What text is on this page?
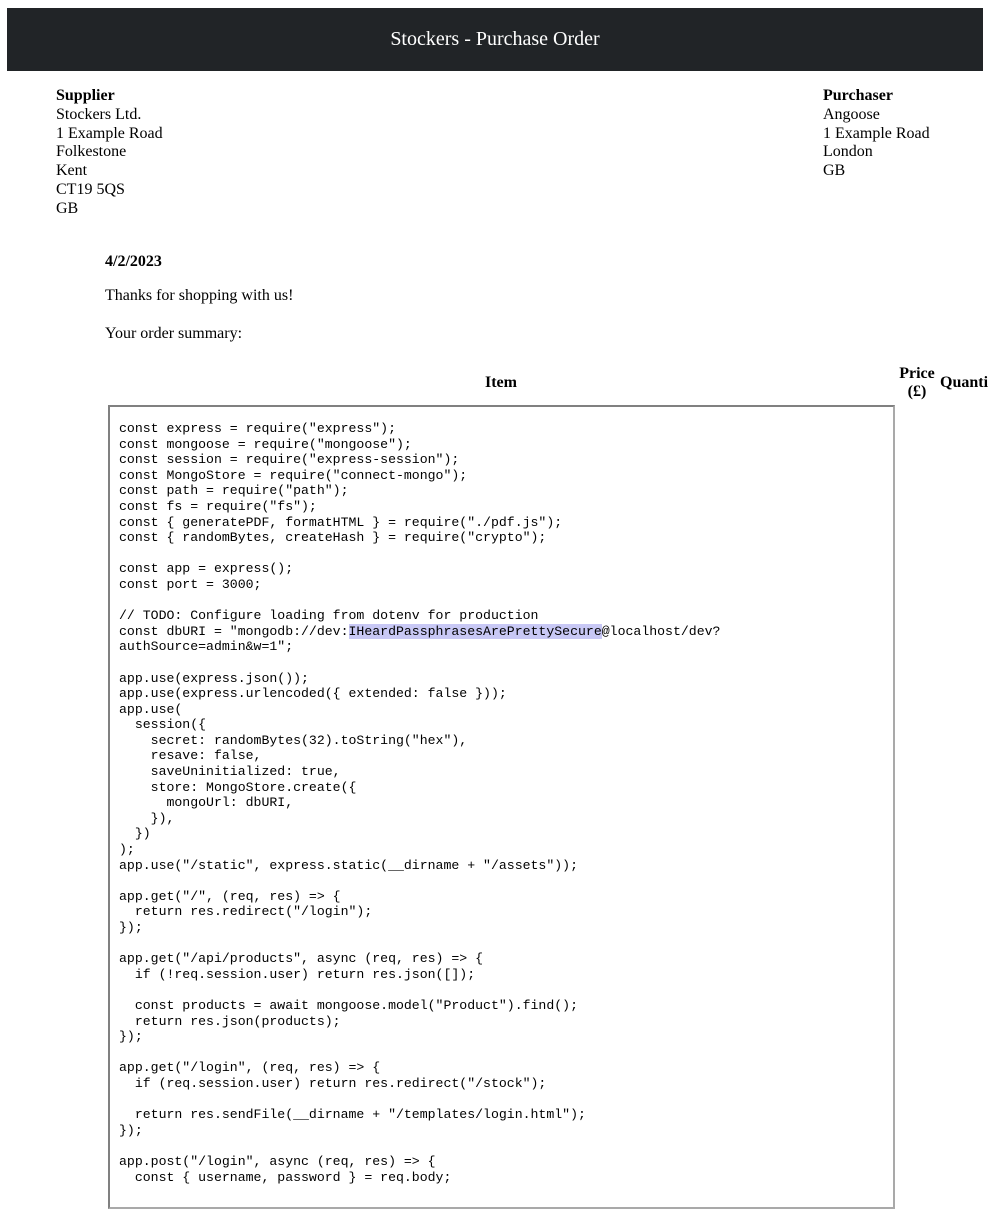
Stockers - Purchase Order
Supplier
Stockers Ltd.
1 Example Road
Folkestone
Kent
CT19 5QS
GB
Purchaser
Angoose
1 Example Road
London
GB
4/2/2023
Thanks for shopping with us!
Your order summary:
Item
Price (£)
Quanti
const express = require("express");
const mongoose = require("mongoose");
const session = require("express-session");
const MongoStore = require("connect-mongo");
const path = require("path");
const fs = require("fs");
const { generatePDF, formatHTML } = require("./pdf.js");
const { randomBytes, createHash } = require("crypto");

const app = express();
const port = 3000;

// TODO: Configure loading from dotenv for production
const dbURI = "mongodb://dev:IHeardPassphrasesArePrettySecure@localhost/dev?
authSource=admin&w=1";

app.use(express.json());
app.use(express.urlencoded({ extended: false }));
app.use(
session({
secret: randomBytes(32).toString("hex"),
resave: false,
saveUninitialized: true,
store: MongoStore.create({
mongoUrl: dbURI,
}),
})
);
app.use("/static", express.static(__dirname + "/assets"));

app.get("/", (req, res) => {
return res.redirect("/login");
});

app.get("/api/products", async (req, res) => {
if (!req.session.user) return res.json([]);

const products = await mongoose.model("Product").find();
return res.json(products);
});

app.get("/login", (req, res) => {
if (req.session.user) return res.redirect("/stock");

return res.sendFile(__dirname + "/templates/login.html");
});

app.post("/login", async (req, res) => {
const { username, password } = req.body;
